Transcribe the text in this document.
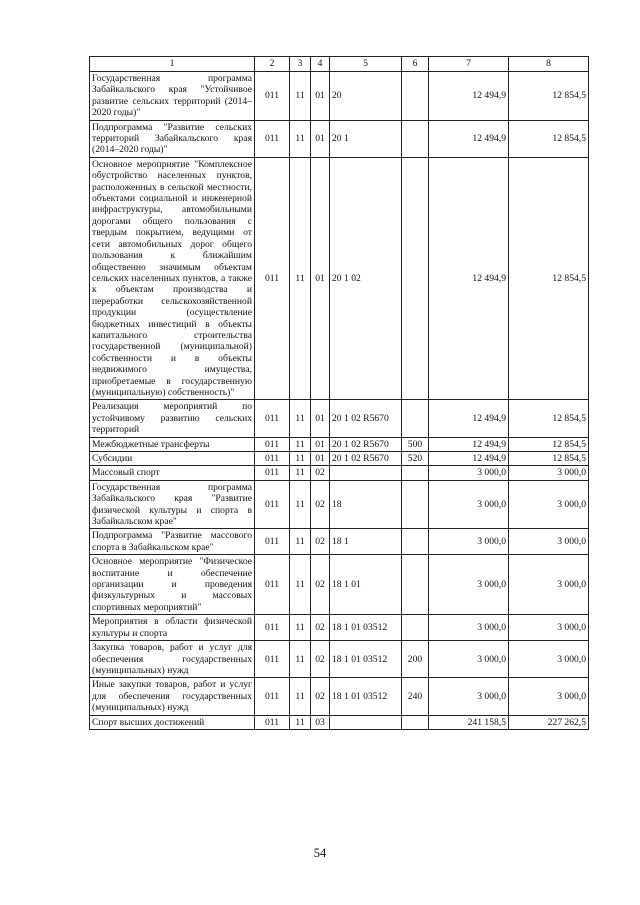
1	2	3	4	5	6	7	8
Государственная программа Забайкальского края "Устойчивое развитие сельских территорий (2014–2020 годы)"	011	11	01	20		12 494,9	12 854,5
Подпрограмма "Развитие сельских территорий Забайкальского края (2014–2020 годы)"	011	11	01	20 1		12 494,9	12 854,5
Основное мероприятие "Комплексное обустройство населенных пунктов, расположенных в сельской местности, объектами социальной и инженерной инфраструктуры, автомобильными дорогами общего пользования с твердым покрытием, ведущими от сети автомобильных дорог общего пользования к ближайшим общественно значимым объектам сельских населенных пунктов, а также к объектам производства и переработки сельскохозяйственной продукции (осуществление бюджетных инвестиций в объекты капитального строительства государственной (муниципальной) собственности и в объекты недвижимого имущества, приобретаемые в государственную (муниципальную) собственность)"	011	11	01	20 1 02		12 494,9	12 854,5
Реализация мероприятий по устойчивому развитию сельских территорий	011	11	01	20 1 02 R5670		12 494,9	12 854,5
Межбюджетные трансферты	011	11	01	20 1 02 R5670	500	12 494,9	12 854,5
Субсидии	011	11	01	20 1 02 R5670	520	12 494,9	12 854,5
Массовый спорт	011	11	02			3 000,0	3 000,0
Государственная программа Забайкальского края "Развитие физической культуры и спорта в Забайкальском крае"	011	11	02	18		3 000,0	3 000,0
Подпрограмма "Развитие массового спорта в Забайкальском крае"	011	11	02	18 1		3 000,0	3 000,0
Основное мероприятие "Физическое воспитание и обеспечение организации и проведения физкультурных и массовых спортивных мероприятий"	011	11	02	18 1 01		3 000,0	3 000,0
Мероприятия в области физической культуры и спорта	011	11	02	18 1 01 03512		3 000,0	3 000,0
Закупка товаров, работ и услуг для обеспечения государственных (муниципальных) нужд	011	11	02	18 1 01 03512	200	3 000,0	3 000,0
Иные закупки товаров, работ и услуг для обеспечения государственных (муниципальных) нужд	011	11	02	18 1 01 03512	240	3 000,0	3 000,0
Спорт высших достижений	011	11	03			241 158,5	227 262,5
54
